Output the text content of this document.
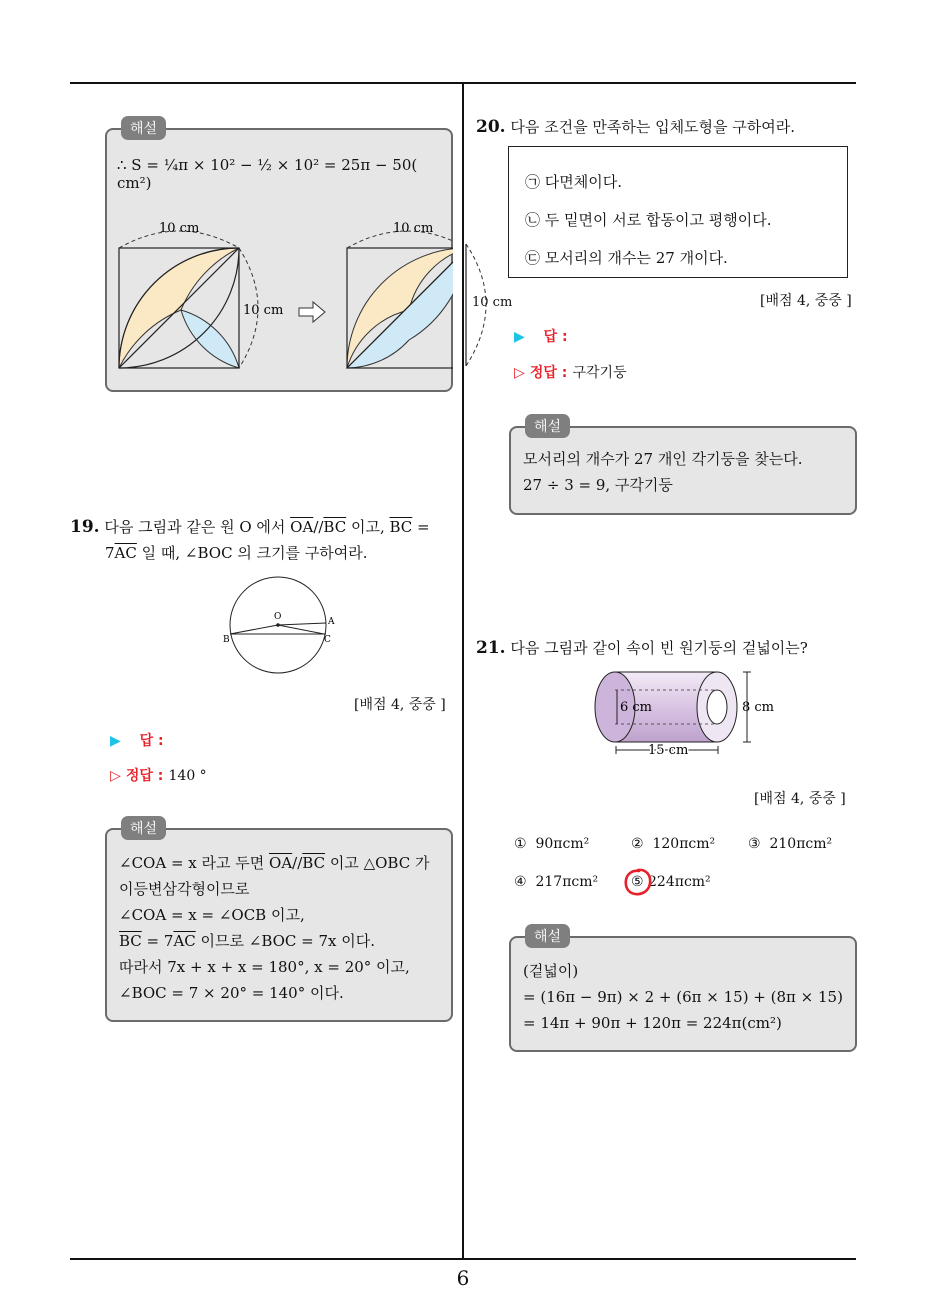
6
해설
∴ S = ¼π × 10² − ½ × 10² = 25π − 50( cm²)
10 cm
10 cm
10 cm
10 cm
19. 다음 그림과 같은 원 O 에서 $\overline{OA}//\overline{BC}$ 이고, $\overline{BC}$ =
$7\overline{AC}$ 일 때, ∠BOC 의 크기를 구하여라.
O	A
B	C
[배점 4, 중중 ]
▶ 답 :
▷ 정답 : 140 °
해설
∠COA = x 라고 두면 $\overline{OA}//\overline{BC}$ 이고 △OBC 가
이등변삼각형이므로
∠COA = x = ∠OCB 이고,
$\overline{BC} = 7\overline{AC}$ 이므로 ∠BOC = 7x 이다.
따라서 7x + x + x = 180°, x = 20° 이고,
∠BOC = 7 × 20° = 140° 이다.
20. 다음 조건을 만족하는 입체도형을 구하여라.
㉠ 다면체이다.
㉡ 두 밑면이 서로 합동이고 평행이다.
㉢ 모서리의 개수는 27 개이다.
[배점 4, 중중 ]
▶ 답 :
▷ 정답 : 구각기둥
해설
모서리의 개수가 27 개인 각기둥을 찾는다.
27 ÷ 3 = 9, 구각기둥
21. 다음 그림과 같이 속이 빈 원기둥의 겉넓이는?
6 cm	8 cm
15 cm
[배점 4, 중중 ]
① 90πcm²	② 120πcm² ③ 210πcm²
④ 217πcm² ⑤ 224πcm²
해설
(겉넓이)
= (16π − 9π) × 2 + (6π × 15) + (8π × 15)
= 14π + 90π + 120π = 224π(cm²)
